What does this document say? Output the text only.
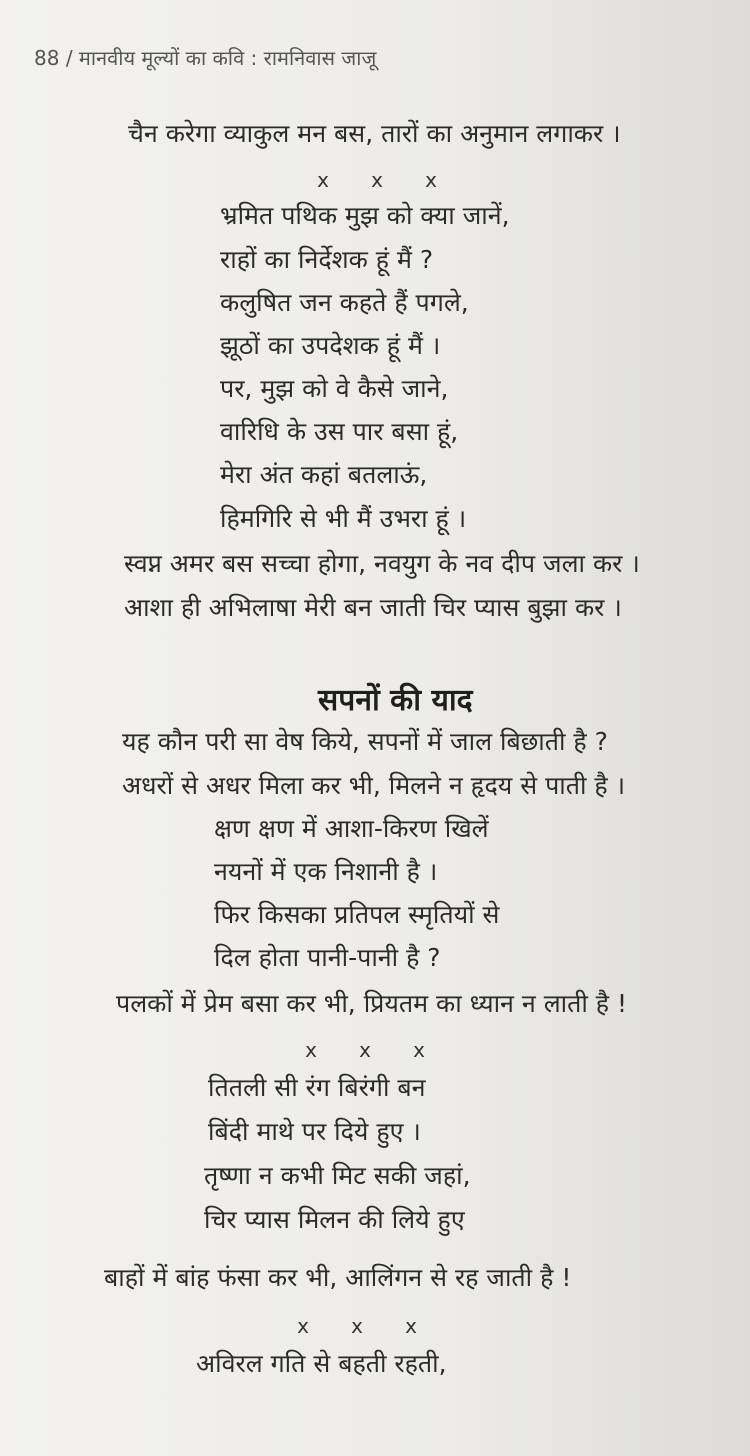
88 / मानवीय मूल्यों का कवि : रामनिवास जाजू
चैन करेगा व्याकुल मन बस, तारों का अनुमान लगाकर ।
x x x
भ्रमित पथिक मुझ को क्या जानें,
राहों का निर्देशक हूं मैं ?
कलुषित जन कहते हैं पगले,
झूठों का उपदेशक हूं मैं ।
पर, मुझ को वे कैसे जाने,
वारिधि के उस पार बसा हूं,
मेरा अंत कहां बतलाऊं,
हिमगिरि से भी मैं उभरा हूं ।
स्वप्न अमर बस सच्चा होगा, नवयुग के नव दीप जला कर ।
आशा ही अभिलाषा मेरी बन जाती चिर प्यास बुझा कर ।
सपनों की याद
यह कौन परी सा वेष किये, सपनों में जाल बिछाती है ?
अधरों से अधर मिला कर भी, मिलने न हृदय से पाती है ।
क्षण क्षण में आशा-किरण खिलें
नयनों में एक निशानी है ।
फिर किसका प्रतिपल स्मृतियों से
दिल होता पानी-पानी है ?
पलकों में प्रेम बसा कर भी, प्रियतम का ध्यान न लाती है !
x x x
तितली सी रंग बिरंगी बन
बिंदी माथे पर दिये हुए ।
तृष्णा न कभी मिट सकी जहां,
चिर प्यास मिलन की लिये हुए
बाहों में बांह फंसा कर भी, आलिंगन से रह जाती है !
x x x
अविरल गति से बहती रहती,
